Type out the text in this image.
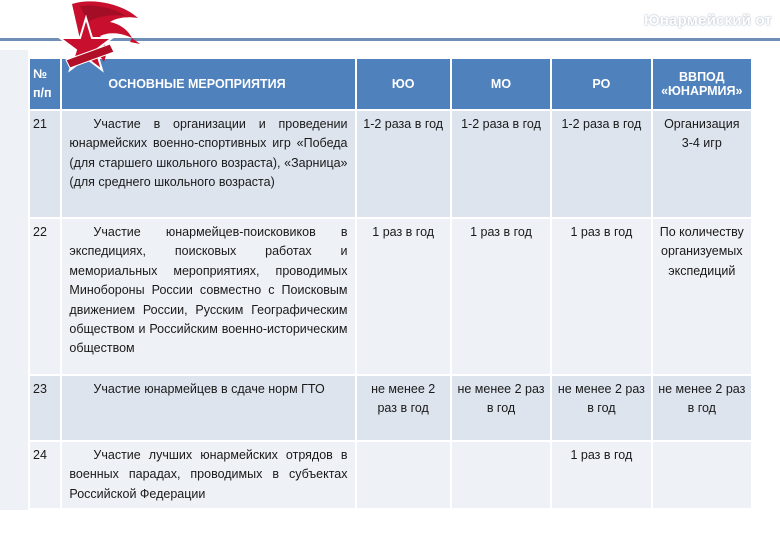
Юнармейский от
№ п/п	ОСНОВНЫЕ МЕРОПРИЯТИЯ	ЮО	МО	РО	ВВПОД «ЮНАРМИЯ»
21	Участие в организации и проведении юнармейских военно-спортивных игр «Победа (для старшего школьного возраста), «Зарница» (для среднего школьного возраста)	1-2 раза в год	1-2 раза в год	1-2 раза в год	Организация 3-4 игр
22	Участие юнармейцев-поисковиков в экспедициях, поисковых работах и мемориальных мероприятиях, проводимых Минобороны России совместно с Поисковым движением России, Русским Географическим обществом и Российским военно-историческим обществом	1 раз в год	1 раз в год	1 раз в год	По количеству организуемых экспедиций
23	Участие юнармейцев в сдаче норм ГТО	не менее 2 раз в год	не менее 2 раз в год	не менее 2 раз в год	не менее 2 раз в год
24	Участие лучших юнармейских отрядов в военных парадах, проводимых в субъектах Российской Федерации			1 раз в год	
